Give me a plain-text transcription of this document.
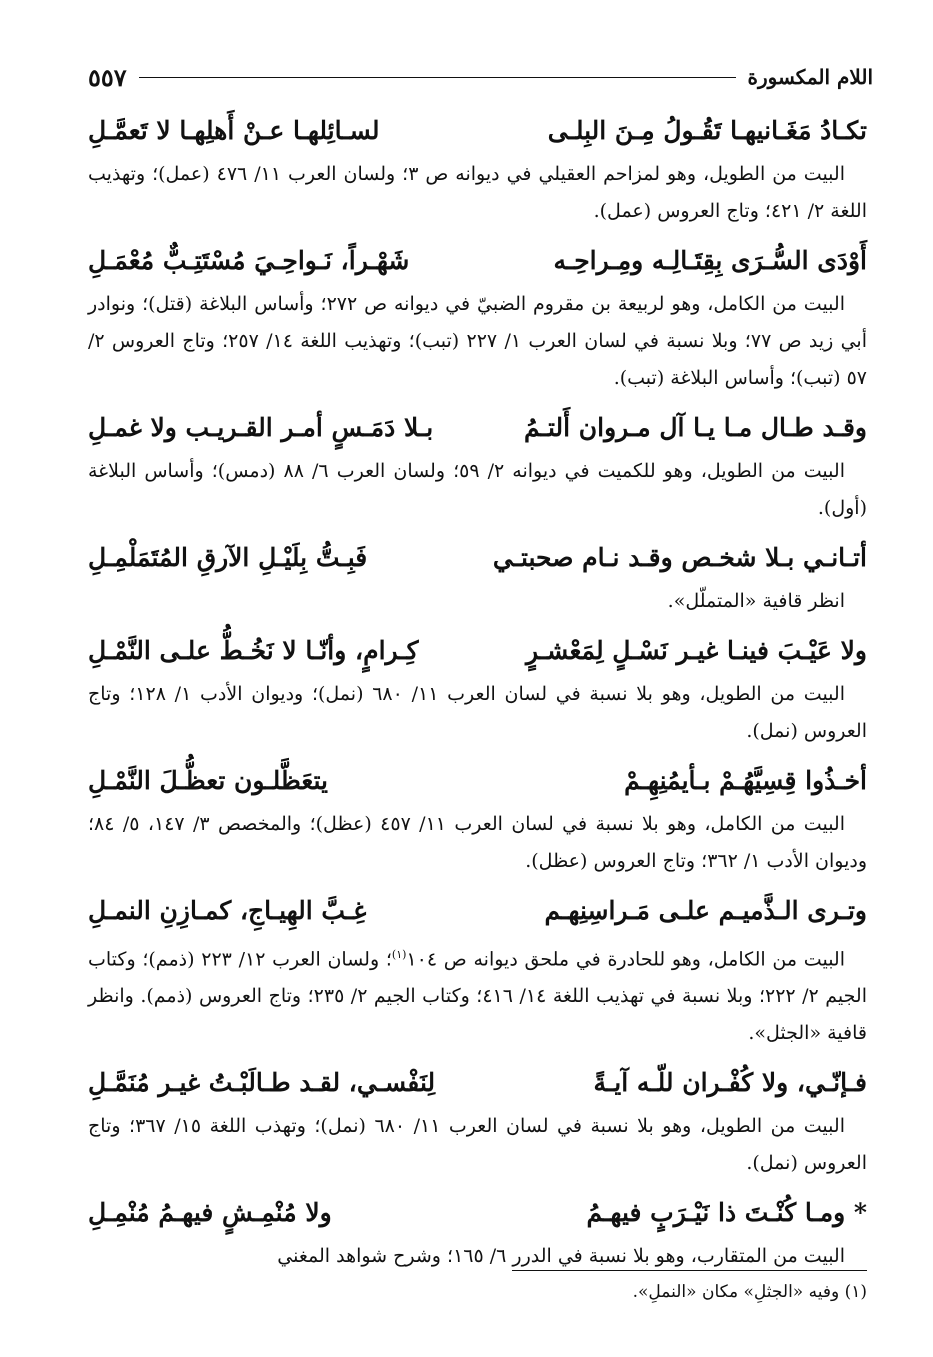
اللام المكسورة
٥٥٧
تكـادُ مَغَـانيهـا تَقُـولُ مِـنَ البِلـى
لسـائِلهـا عـنْ أَهلِهـا لا تَعمَّـلِ

البيت من الطويل، وهو لمزاحم العقيلي في ديوانه ص ٣؛ ولسان العرب ١١/ ٤٧٦ (عمل)؛ وتهذيب اللغة ٢/ ٤٢١؛ وتاج العروس (عمل).

أَوْدَى السُّـرَى بِقِتَـالِـه ومِـراحِـه
شَهْـراً، نَـواحِـيَ مُسْتَتِـبٌّ مُعْمَـلِ

البيت من الكامل، وهو لربيعة بن مقروم الضبيّ في ديوانه ص ٢٧٢؛ وأساس البلاغة (قتل)؛ ونوادر أبي زيد ص ٧٧؛ وبلا نسبة في لسان العرب ١/ ٢٢٧ (تبب)؛ وتهذيب اللغة ١٤/ ٢٥٧؛ وتاج العروس ٢/ ٥٧ (تبب)؛ وأساس البلاغة (تبب).

وقـد طـال مـا يـا آل مـروان أَلتـمُ
بـلا دَمَـسٍ أمـر القـريـب ولا غمـلِ

البيت من الطويل، وهو للكميت في ديوانه ٢/ ٥٩؛ ولسان العرب ٦/ ٨٨ (دمس)؛ وأساس البلاغة (أول).

أتـانـي بـلا شخـص وقـد نـام صحبتـي
فَبِـتُّ بِلَيْـلِ الآرقِ المُتَمَلْمِـلِ

انظر قافية «المتملّل».

ولا عَيْـبَ فينـا غيـر نَسْـلٍ لِمَعْشـرٍ
كِـرامٍ، وأنّـا لا نَخُـطُّ علـى النَّمْـلِ

البيت من الطويل، وهو بلا نسبة في لسان العرب ١١/ ٦٨٠ (نمل)؛ وديوان الأدب ١/ ١٢٨؛ وتاج العروس (نمل).

أخـذُوا قِسِيَّهُـمْ بـأيمُنِهِـمْ
يتعَظَّلـون تعظُّـلَ النَّمْـلِ

البيت من الكامل، وهو بلا نسبة في لسان العرب ١١/ ٤٥٧ (عظل)؛ والمخصص ٣/ ١٤٧، ٥/ ٨٤؛ وديوان الأدب ١/ ٣٦٢؛ وتاج العروس (عظل).

وتـرى الـذَّميـم علـى مَـراسِنِهـم
غِـبَّ الهِيـاجِ، كمـازِنِ النمـلِ

البيت من الكامل، وهو للحادرة في ملحق ديوانه ص ١٠٤$^{(١)}$؛ ولسان العرب ١٢/ ٢٢٣ (ذمم)؛ وكتاب الجيم ٢/ ٢٢٢؛ وبلا نسبة في تهذيب اللغة ١٤/ ٤١٦؛ وكتاب الجيم ٢/ ٢٣٥؛ وتاج العروس (ذمم). وانظر قافية «الجثل».

فـإنّـي، ولا كُفْـران للّـه آيـةً
لِنَفْسـي، لقـد طـالَبْـتُ غيـر مُنَمَّـلِ

البيت من الطويل، وهو بلا نسبة في لسان العرب ١١/ ٦٨٠ (نمل)؛ وتهذب اللغة ١٥/ ٣٦٧؛ وتاج العروس (نمل).

* ومـا كُنْـتَ ذا نَيْـرَبٍ فيهـمُ
ولا مُنْمِـشٍ فيهـمُ مُنْمِـلِ

البيت من المتقارب، وهو بلا نسبة في الدرر ٦/ ١٦٥؛ وشرح شواهد المغني

(١) وفيه «الجثلِ» مكان «النملِ».
